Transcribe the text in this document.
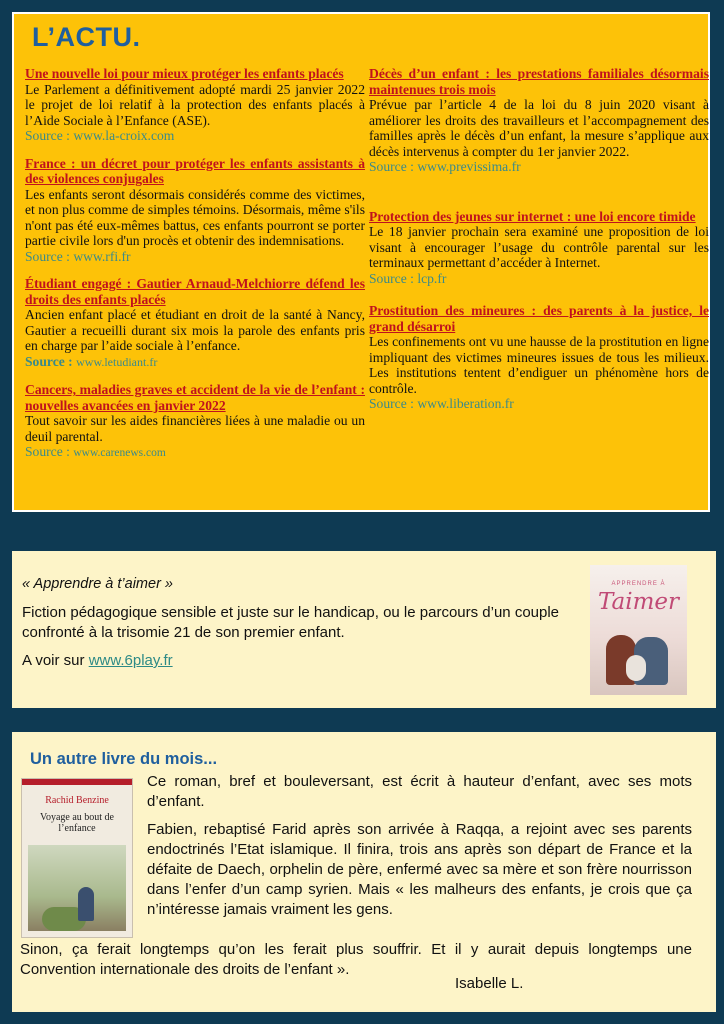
L’ACTU.
Une nouvelle loi pour mieux protéger les enfants placés

Le Parlement a définitivement adopté mardi 25 janvier 2022 le projet de loi relatif à la protection des enfants placés à l’Aide Sociale à l’Enfance (ASE).

Source : www.la-croix.com
France : un décret pour protéger les enfants assistants à des violences conjugales

Les enfants seront désormais considérés comme des victimes, et non plus comme de simples témoins. Désormais, même s'ils n'ont pas été eux-mêmes battus, ces enfants pourront se porter partie civile lors d'un procès et obtenir des indemnisations.

Source : www.rfi.fr
Étudiant engagé : Gautier Arnaud-Melchiorre défend les droits des enfants placés

Ancien enfant placé et étudiant en droit de la santé à Nancy, Gautier a recueilli durant six mois la parole des enfants pris en charge par l’aide sociale à l’enfance.

Source : www.letudiant.fr
Cancers, maladies graves et accident de la vie de l’enfant : nouvelles avancées en janvier 2022

Tout savoir sur les aides financières liées à une maladie ou un deuil parental.

Source : www.carenews.com
Décès d’un enfant : les prestations familiales désormais maintenues trois mois

Prévue par l’article 4 de la loi du 8 juin 2020 visant à améliorer les droits des travailleurs et l’accompagnement des familles après le décès d’un enfant, la mesure s’applique aux décès intervenus à compter du 1er janvier 2022.

Source : www.previssima.fr
Protection des jeunes sur internet : une loi encore timide

Le 18 janvier prochain sera examiné une proposition de loi visant à encourager l’usage du contrôle parental sur les terminaux permettant d’accéder à Internet.

Source : lcp.fr
Prostitution des mineures : des parents à la justice, le grand désarroi

Les confinements ont vu une hausse de la prostitution en ligne impliquant des victimes mineures issues de tous les milieux. Les institutions tentent d’endiguer un phénomène hors de contrôle.

Source : www.liberation.fr
« Apprendre à t’aimer »
Fiction pédagogique sensible et juste sur le handicap, ou le parcours d’un couple confronté à la trisomie 21 de son premier enfant.
A voir sur www.6play.fr
APPRENDRE À
Taimer
Un autre livre du mois...
Rachid Benzine
Voyage au bout de l’enfance

Ce roman, bref et bouleversant, est écrit à hauteur d’enfant, avec ses mots d’enfant.

Fabien, rebaptisé Farid après son arrivée à Raqqa, a rejoint avec ses parents endoctrinés l’Etat islamique. Il finira, trois ans après son départ de France et la défaite de Daech, orphelin de père, enfermé avec sa mère et son frère nourrisson dans l’enfer d’un camp syrien. Mais « les malheurs des enfants, je crois que ça n’intéresse jamais vraiment les gens.

Sinon, ça ferait longtemps qu’on les ferait plus souffrir. Et il y aurait depuis longtemps une Convention internationale des droits de l’enfant ».

Isabelle L.
